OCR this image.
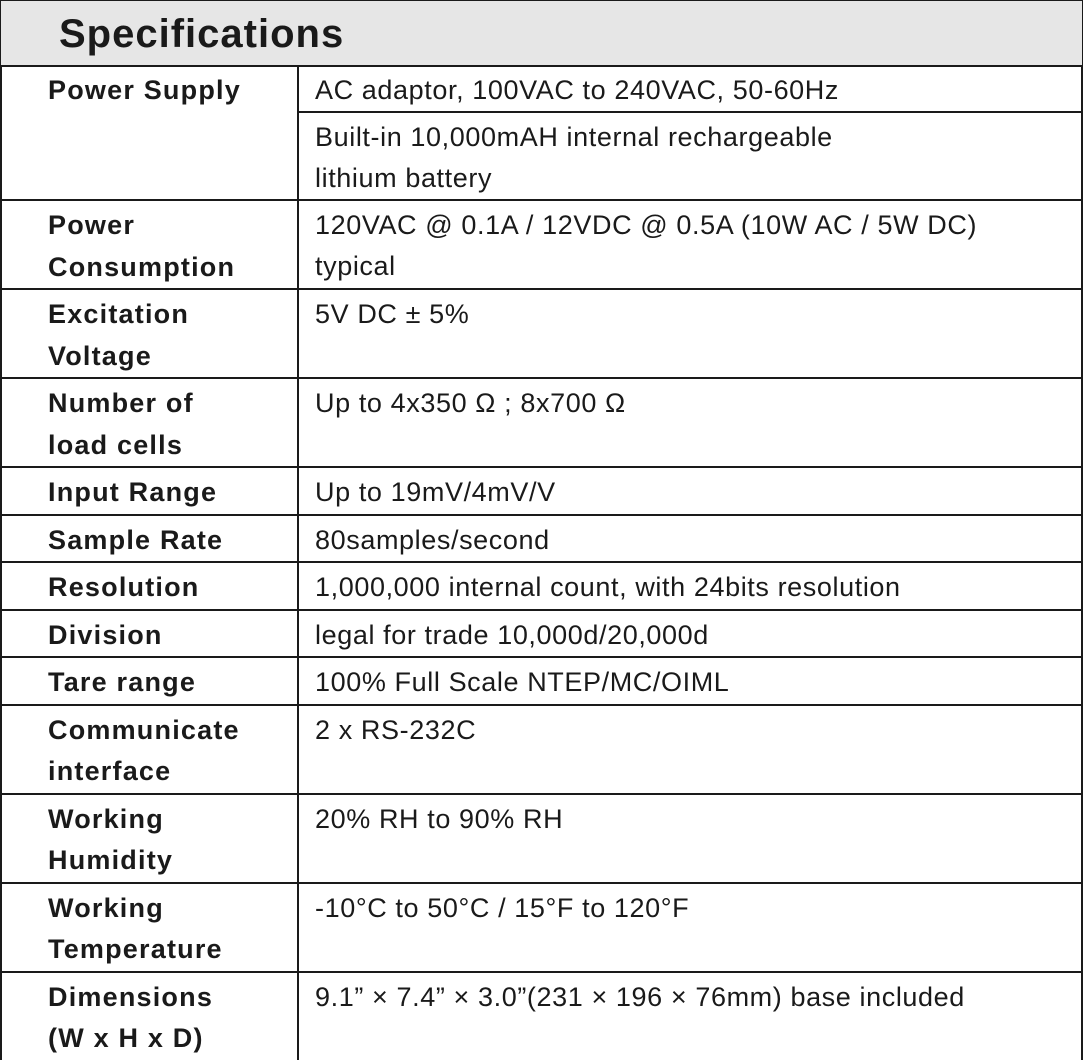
Specifications
Power Supply	AC adaptor, 100VAC to 240VAC, 50-60Hz

	Built-in 10,000mAH internal rechargeable
lithium battery

Power
Consumption	120VAC @ 0.1A / 12VDC @ 0.5A (10W AC / 5W DC)
typical

Excitation
Voltage	5V DC ± 5%

Number of
load cells	Up to 4x350 Ω ; 8x700 Ω

Input Range	Up to 19mV/4mV/V

Sample Rate	80samples/second

Resolution	1,000,000 internal count, with 24bits resolution

Division	legal for trade 10,000d/20,000d

Tare range	100% Full Scale NTEP/MC/OIML

Communicate
interface	2 x RS-232C

Working
Humidity	20% RH to 90% RH

Working
Temperature	-10°C to 50°C / 15°F to 120°F

Dimensions
(W x H x D)	9.1” × 7.4” × 3.0”(231 × 196 × 76mm) base included
